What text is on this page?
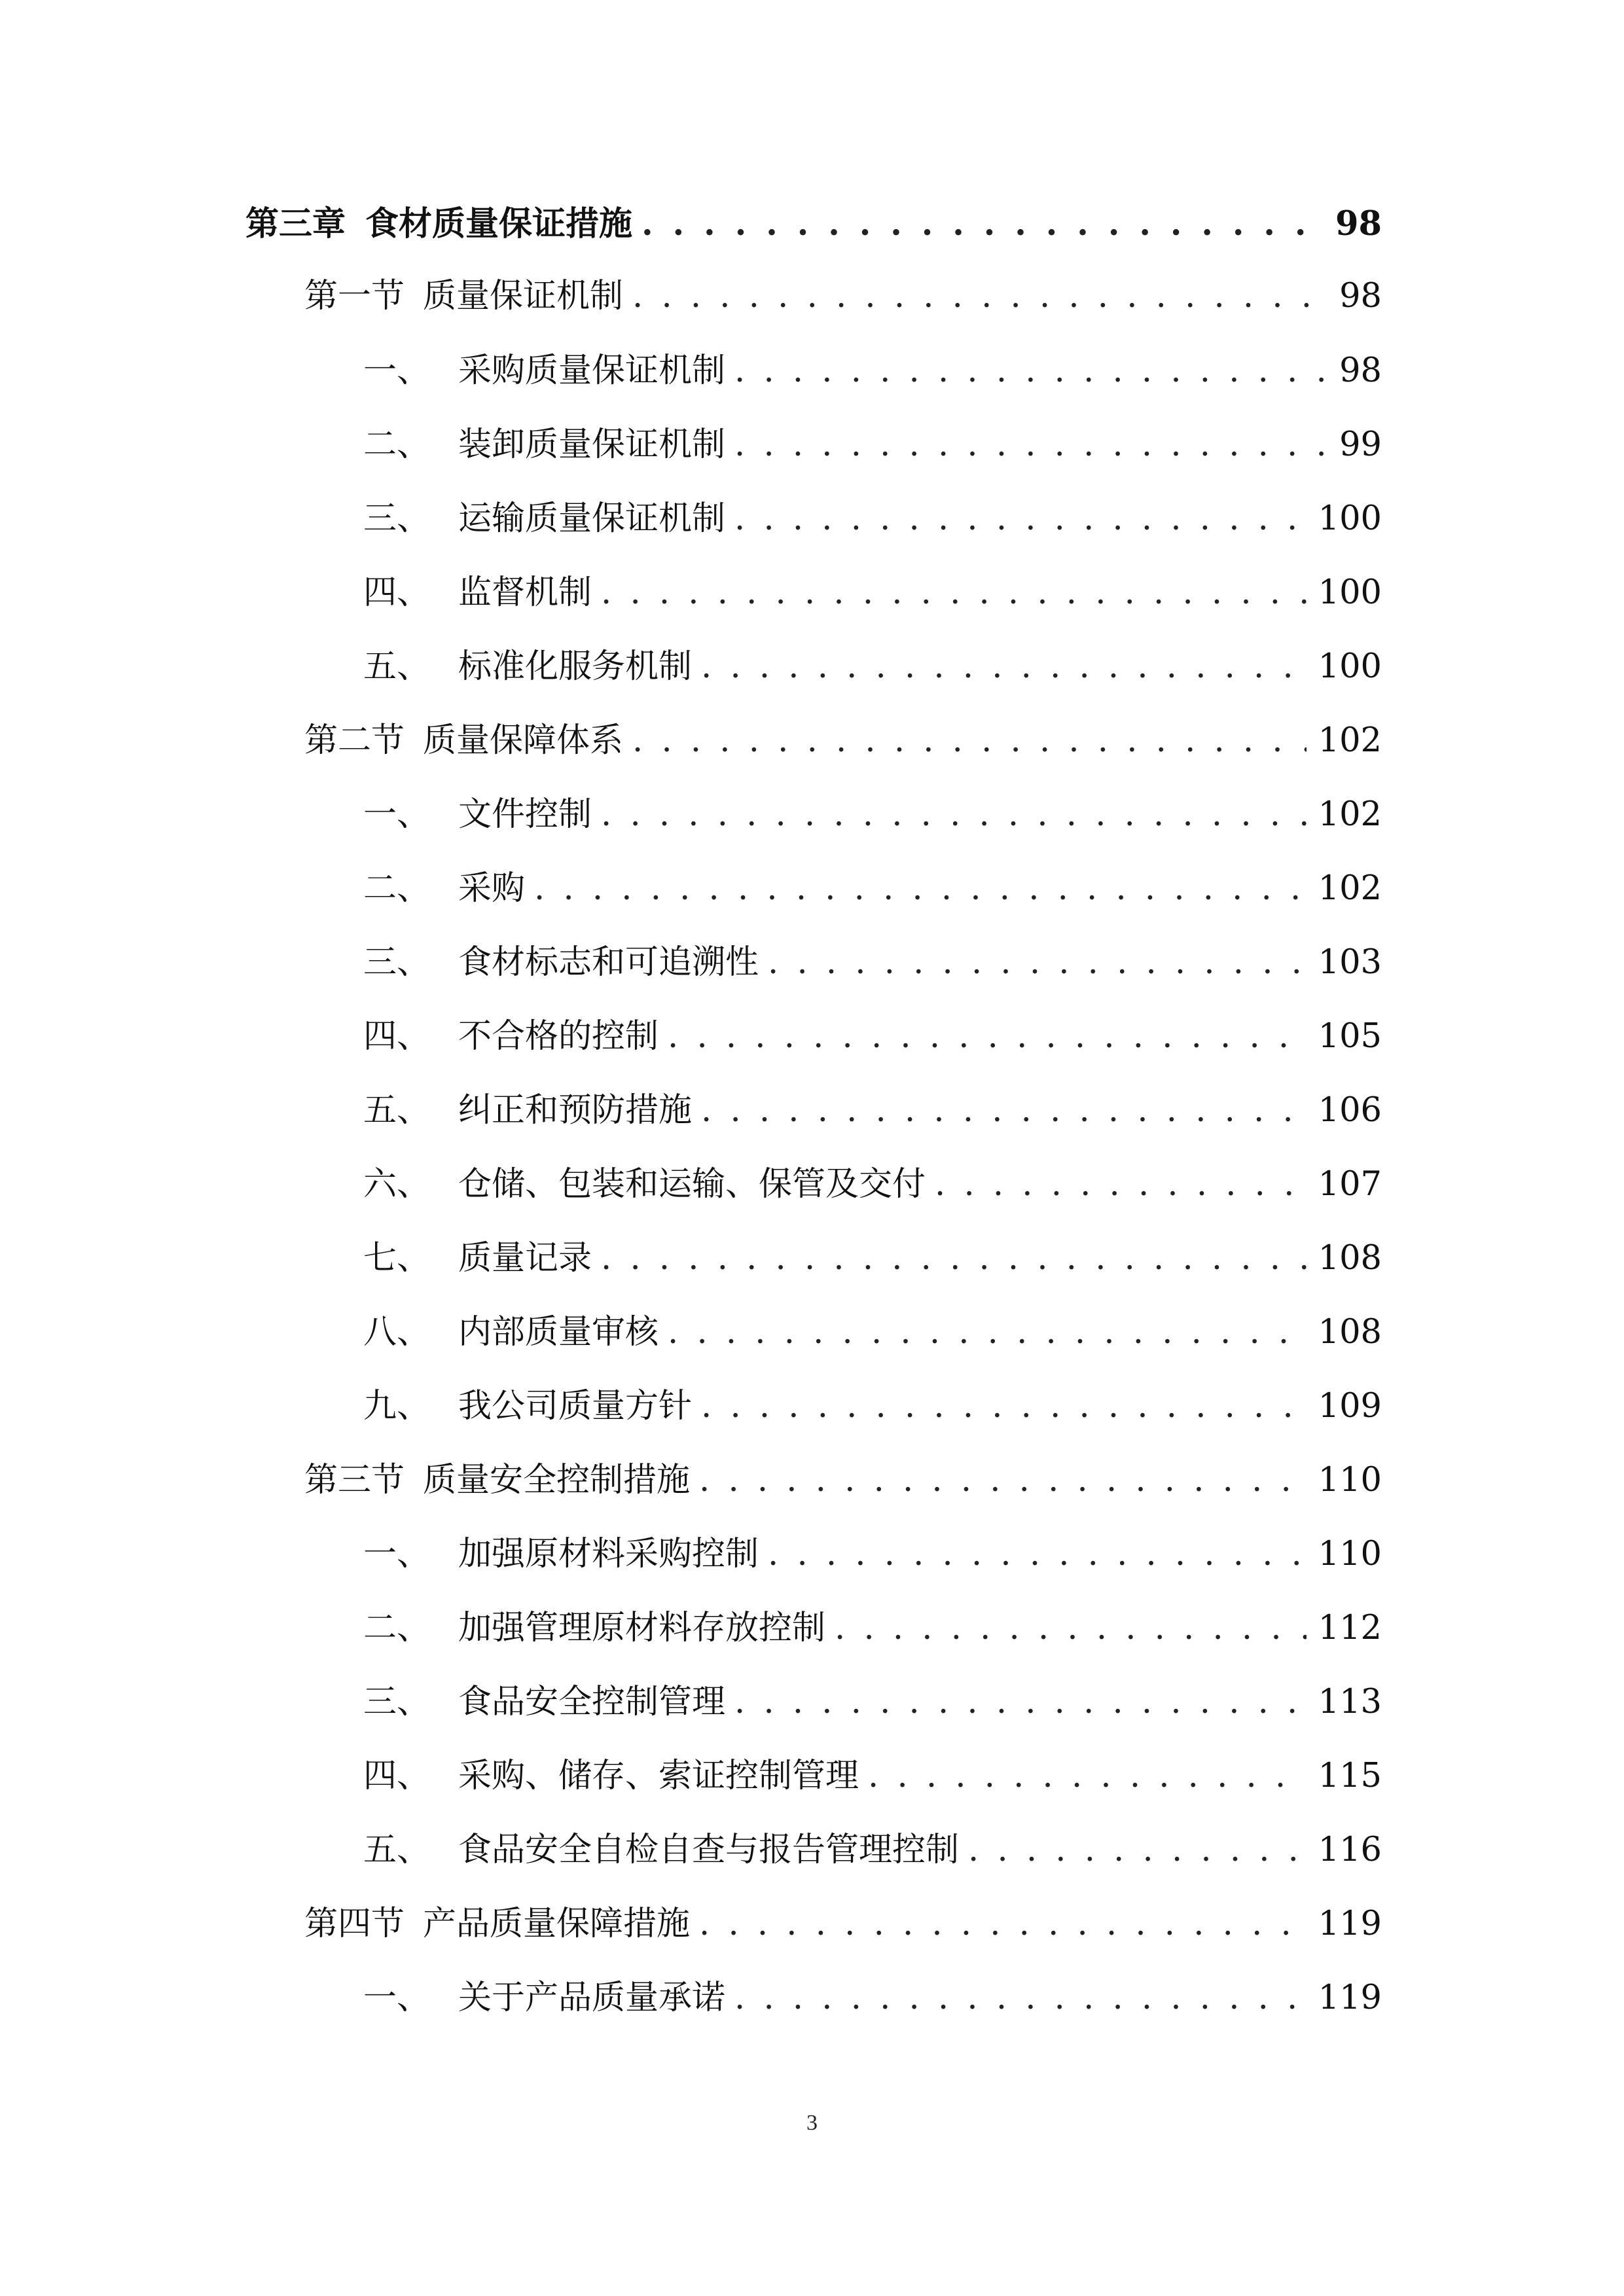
第三章 食材质量保证措施 . . .	98
第一节 质量保证机制 . . .	98
一、 采购质量保证机制 . . .	98
二、 装卸质量保证机制 . . .	99
三、 运输质量保证机制 . . .	100
四、 监督机制 . . .	100
五、 标准化服务机制 . . .	100
第二节 质量保障体系 . . .	102
一、 文件控制 . . .	102
二、 采购 . . .	102
三、 食材标志和可追溯性 . . .	103
四、 不合格的控制 . . .	105
五、 纠正和预防措施 . . .	106
六、 仓储、包装和运输、保管及交付 . . .	107
七、 质量记录 . . .	108
八、 内部质量审核 . . .	108
九、 我公司质量方针 . . .	109
第三节 质量安全控制措施 . . .	110
一、 加强原材料采购控制 . . .	110
二、 加强管理原材料存放控制 . . .	112
三、 食品安全控制管理 . . .	113
四、 采购、储存、索证控制管理 . . .	115
五、 食品安全自检自查与报告管理控制 . . .	116
第四节 产品质量保障措施 . . .	119
一、 关于产品质量承诺 . . .	119
3
